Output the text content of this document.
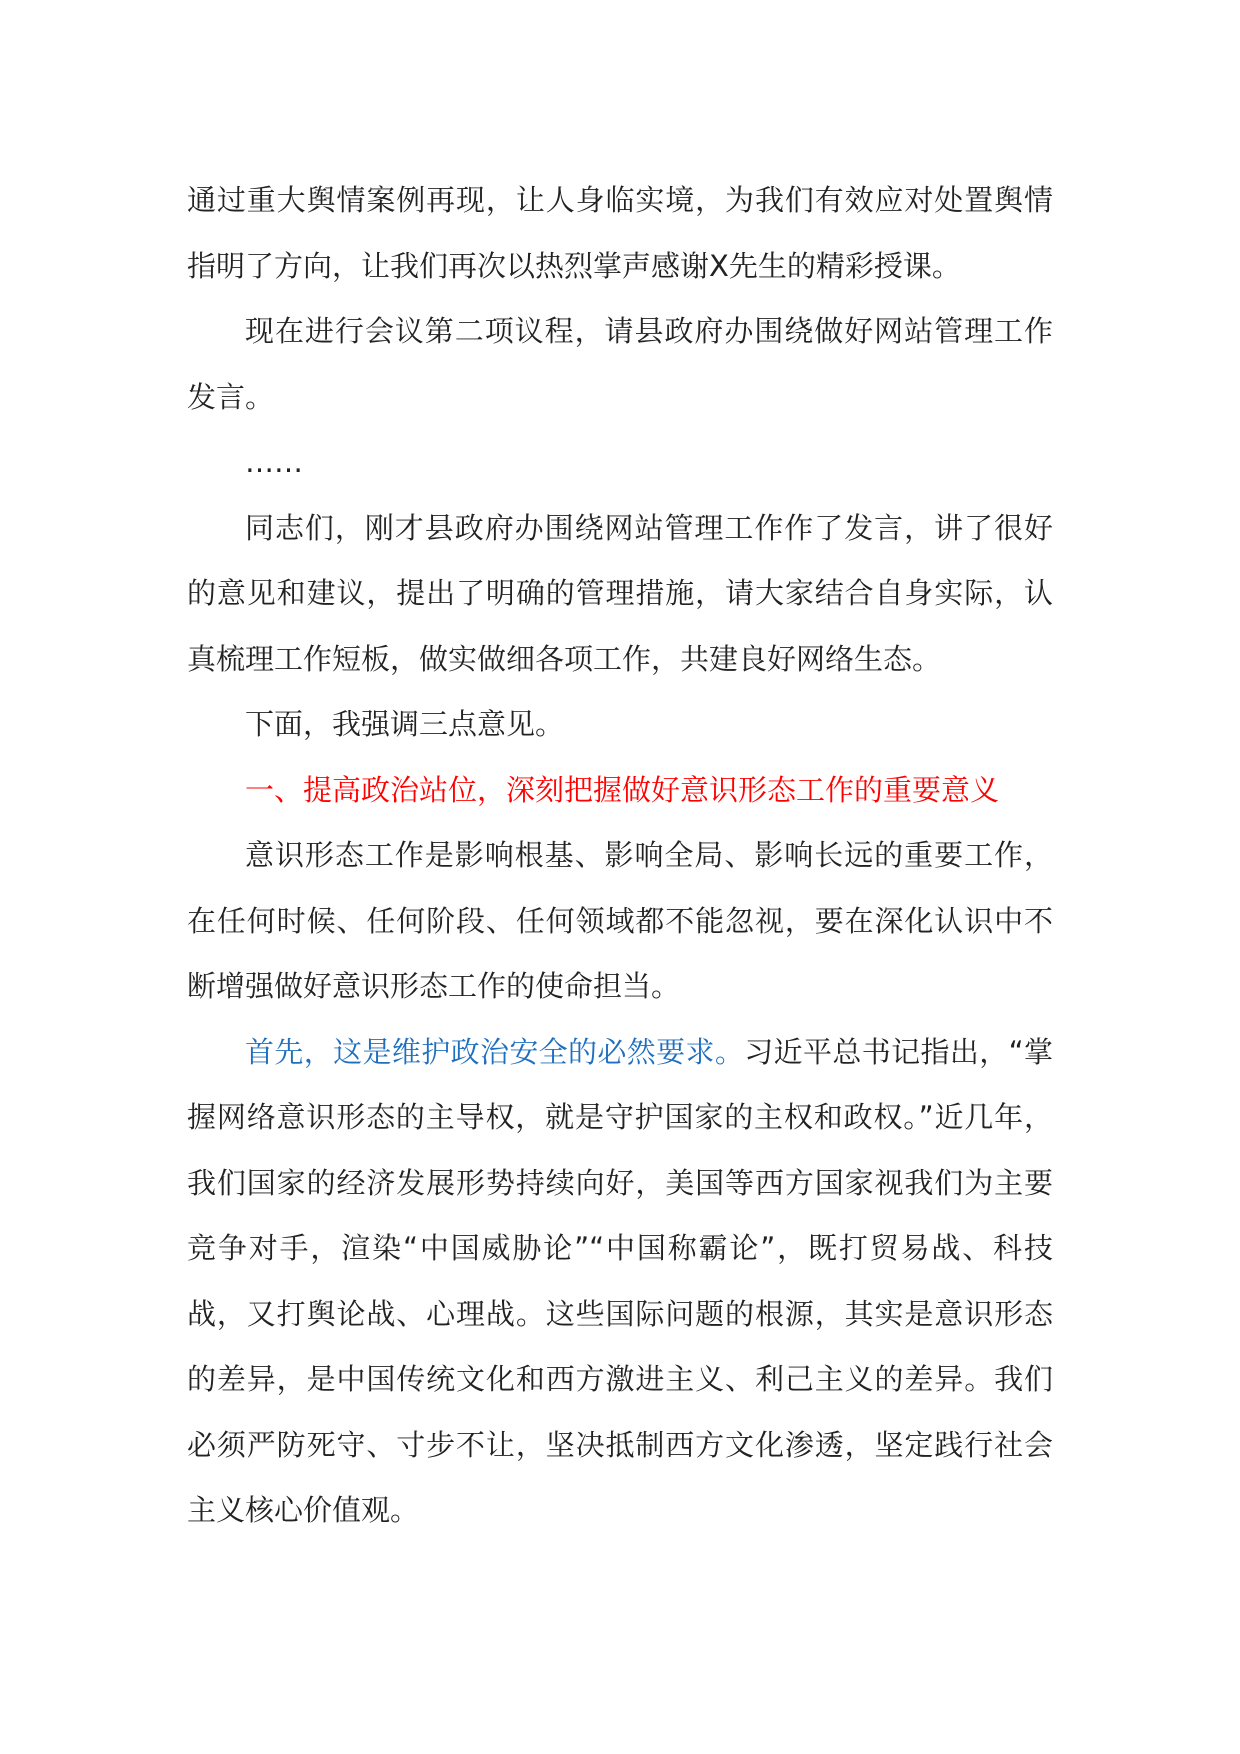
通过重大舆情案例再现，让人身临实境，为我们有效应对处置舆情指明了方向，让我们再次以热烈掌声感谢X先生的精彩授课。

现在进行会议第二项议程，请县政府办围绕做好网站管理工作发言。

……

同志们，刚才县政府办围绕网站管理工作作了发言，讲了很好的意见和建议，提出了明确的管理措施，请大家结合自身实际，认真梳理工作短板，做实做细各项工作，共建良好网络生态。

下面，我强调三点意见。

一、提高政治站位，深刻把握做好意识形态工作的重要意义

意识形态工作是影响根基、影响全局、影响长远的重要工作，在任何时候、任何阶段、任何领域都不能忽视，要在深化认识中不断增强做好意识形态工作的使命担当。

首先，这是维护政治安全的必然要求。习近平总书记指出，“掌握网络意识形态的主导权，就是守护国家的主权和政权。”近几年，我们国家的经济发展形势持续向好，美国等西方国家视我们为主要竞争对手，渲染“中国威胁论”“中国称霸论”，既打贸易战、科技战，又打舆论战、心理战。这些国际问题的根源，其实是意识形态的差异，是中国传统文化和西方激进主义、利己主义的差异。我们必须严防死守、寸步不让，坚决抵制西方文化渗透，坚定践行社会主义核心价值观。
